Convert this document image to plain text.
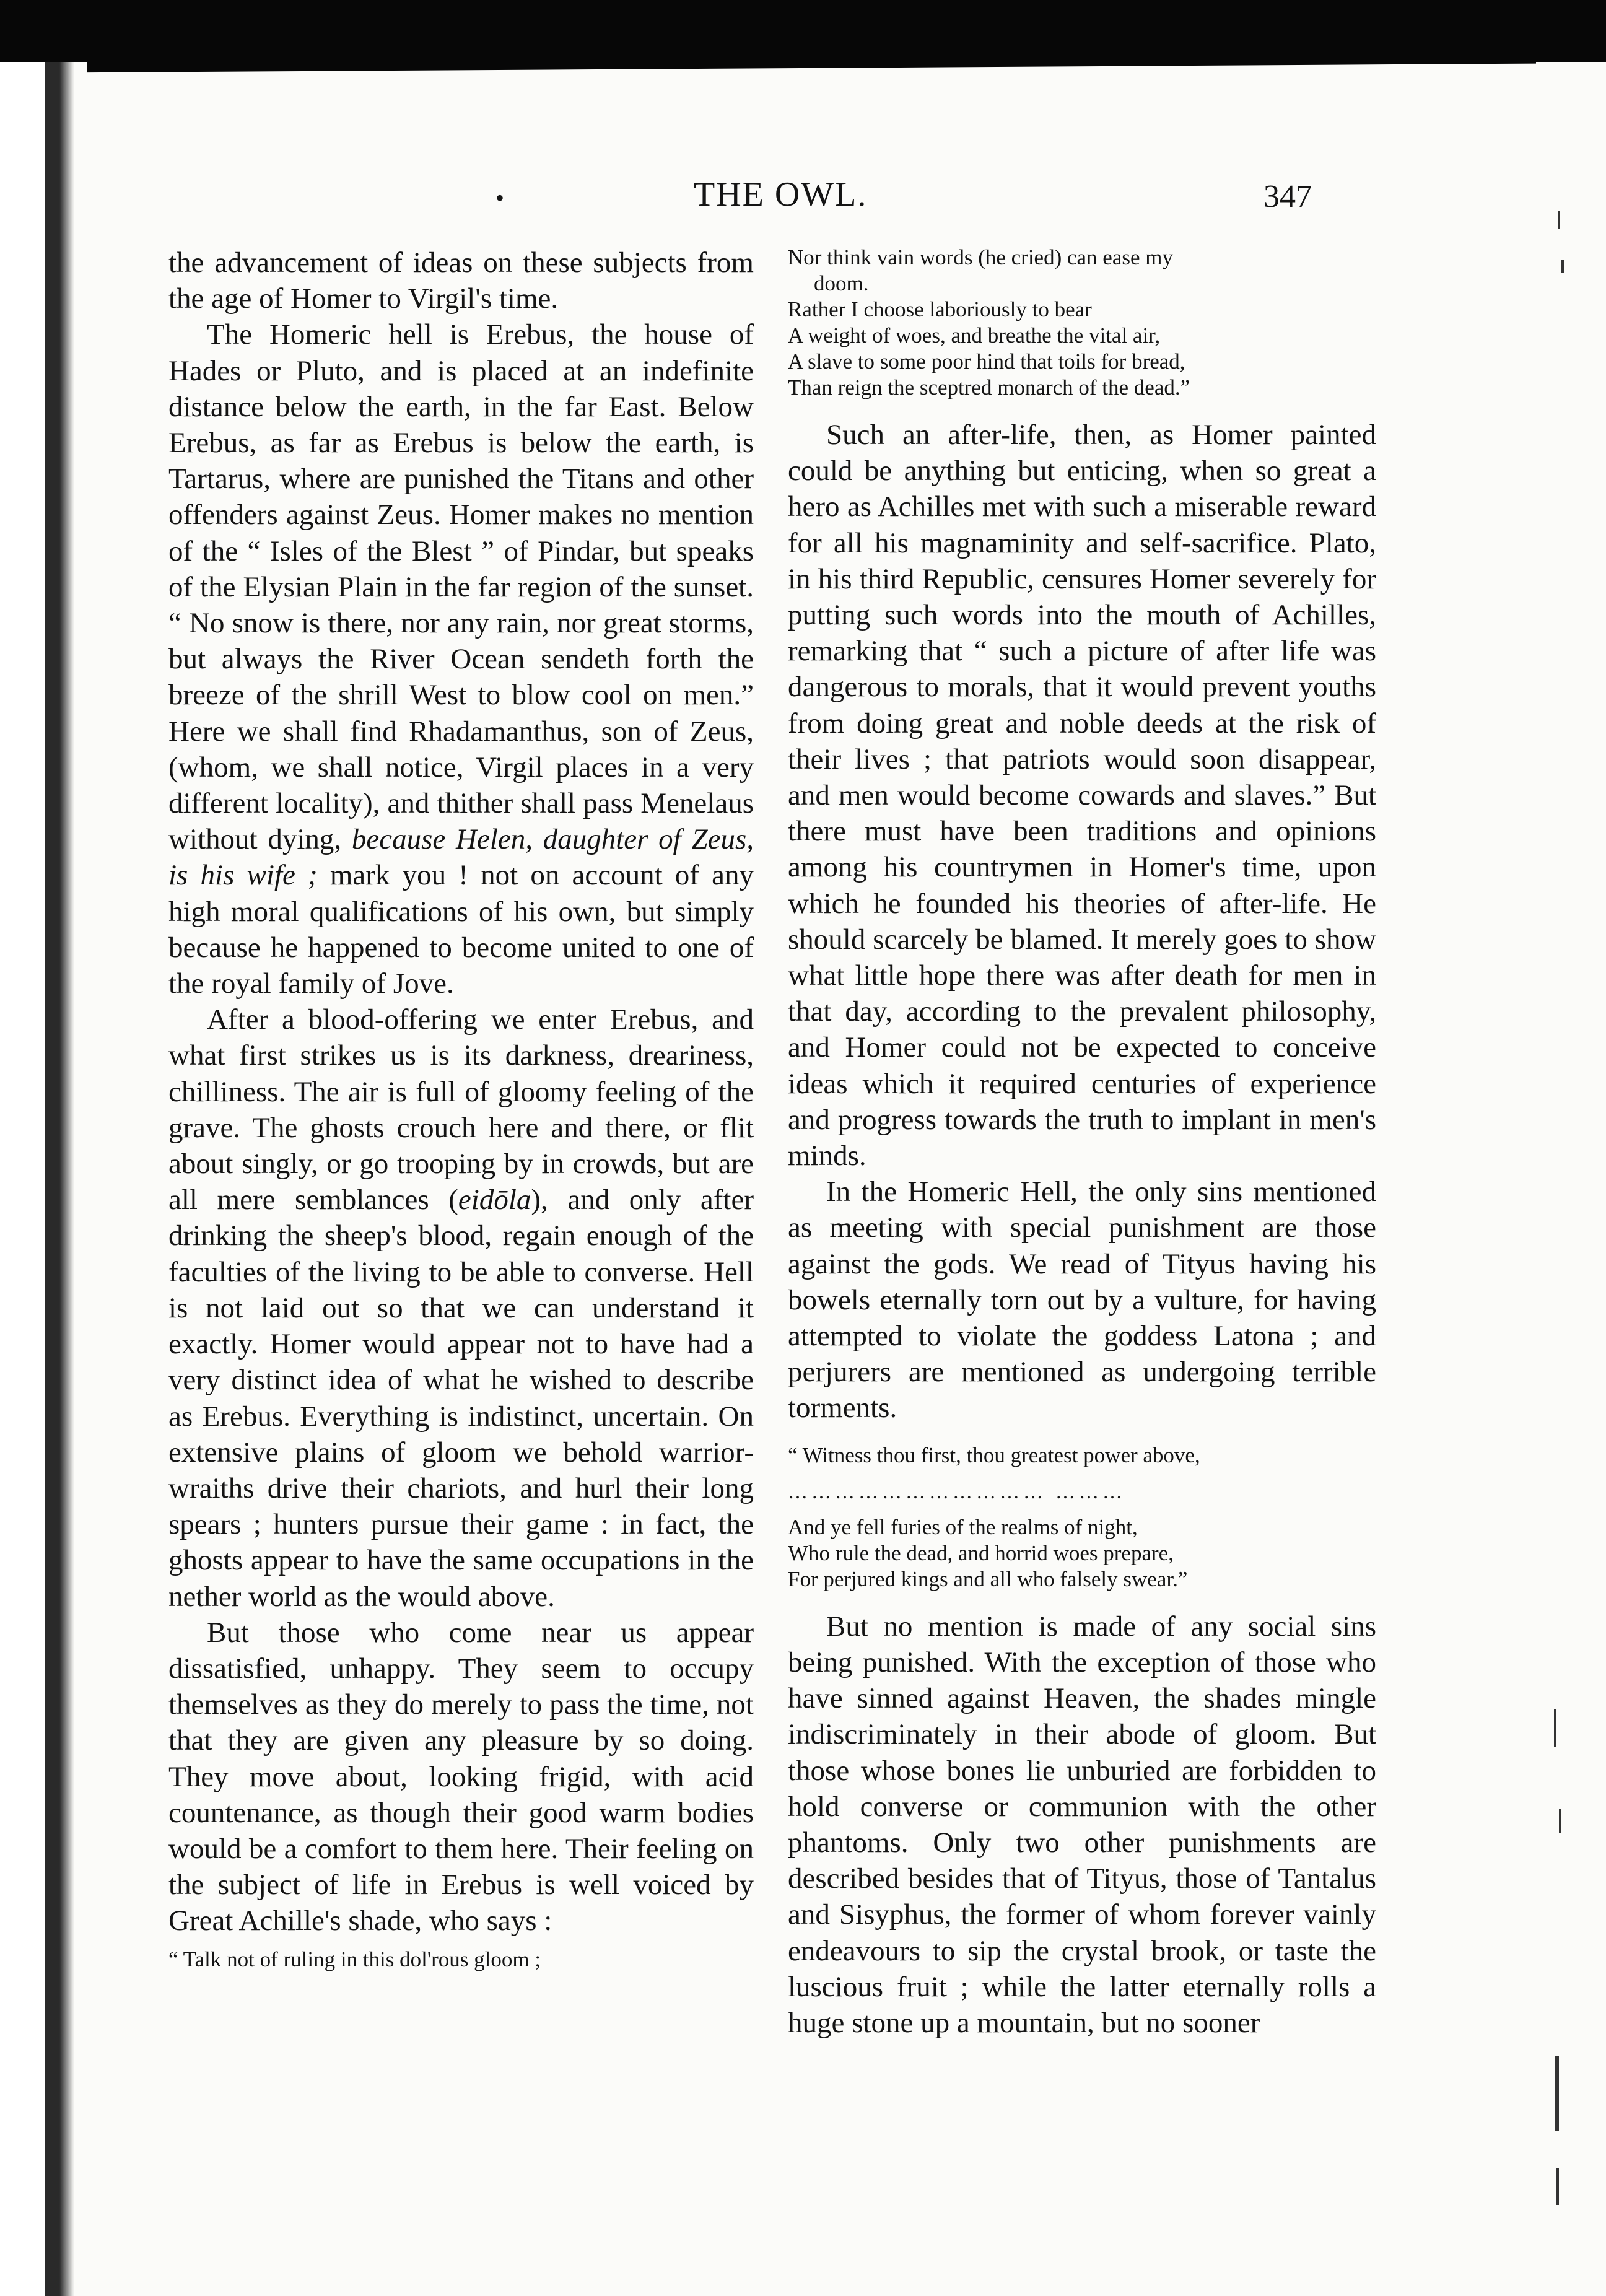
•	THE OWL.	347

the advancement of ideas on these subjects from the age of Homer to Virgil's time.

The Homeric hell is Erebus, the house of Hades or Pluto, and is placed at an indefinite distance below the earth, in the far East. Below Erebus, as far as Erebus is below the earth, is Tartarus, where are punished the Titans and other offenders against Zeus. Homer makes no mention of the “ Isles of the Blest ” of Pindar, but speaks of the Elysian Plain in the far region of the sunset. “ No snow is there, nor any rain, nor great storms, but always the River Ocean sendeth forth the breeze of the shrill West to blow cool on men.” Here we shall find Rhadamanthus, son of Zeus, (whom, we shall notice, Virgil places in a very different locality), and thither shall pass Menelaus without dying, because Helen, daughter of Zeus, is his wife ; mark you ! not on account of any high moral qualifications of his own, but simply because he happened to become united to one of the royal family of Jove.

After a blood-offering we enter Erebus, and what first strikes us is its darkness, dreariness, chilliness. The air is full of gloomy feeling of the grave. The ghosts crouch here and there, or flit about singly, or go trooping by in crowds, but are all mere semblances (eidōla), and only after drinking the sheep's blood, regain enough of the faculties of the living to be able to converse. Hell is not laid out so that we can understand it exactly. Homer would appear not to have had a very distinct idea of what he wished to describe as Erebus. Everything is indistinct, uncertain. On extensive plains of gloom we behold warrior-wraiths drive their chariots, and hurl their long spears ; hunters pursue their game : in fact, the ghosts appear to have the same occupations in the nether world as the would above.

But those who come near us appear dissatisfied, unhappy. They seem to occupy themselves as they do merely to pass the time, not that they are given any pleasure by so doing. They move about, looking frigid, with acid countenance, as though their good warm bodies would be a comfort to them here. Their feeling on the subject of life in Erebus is well voiced by Great Achille's shade, who says :

“ Talk not of ruling in this dol'rous gloom ;
Nor think vain words (he cried) can ease my
doom.
Rather I choose laboriously to bear
A weight of woes, and breathe the vital air,
A slave to some poor hind that toils for bread,
Than reign the sceptred monarch of the dead.”

Such an after-life, then, as Homer painted could be anything but enticing, when so great a hero as Achilles met with such a miserable reward for all his magnaminity and self-sacrifice. Plato, in his third Republic, censures Homer severely for putting such words into the mouth of Achilles, remarking that “ such a picture of after life was dangerous to morals, that it would prevent youths from doing great and noble deeds at the risk of their lives ; that patriots would soon disappear, and men would become cowards and slaves.” But there must have been traditions and opinions among his countrymen in Homer's time, upon which he founded his theories of after-life. He should scarcely be blamed. It merely goes to show what little hope there was after death for men in that day, according to the prevalent philosophy, and Homer could not be expected to conceive ideas which it required centuries of experience and progress towards the truth to implant in men's minds.

In the Homeric Hell, the only sins mentioned as meeting with special punishment are those against the gods. We read of Tityus having his bowels eternally torn out by a vulture, for having attempted to violate the goddess Latona ; and perjurers are mentioned as undergoing terrible torments.

“ Witness thou first, thou greatest power above,
…………………………… ………
And ye fell furies of the realms of night,
Who rule the dead, and horrid woes prepare,
For perjured kings and all who falsely swear.”

But no mention is made of any social sins being punished. With the exception of those who have sinned against Heaven, the shades mingle indiscriminately in their abode of gloom. But those whose bones lie unburied are forbidden to hold converse or communion with the other phantoms. Only two other punishments are described besides that of Tityus, those of Tantalus and Sisyphus, the former of whom forever vainly endeavours to sip the crystal brook, or taste the luscious fruit ; while the latter eternally rolls a huge stone up a mountain, but no sooner
